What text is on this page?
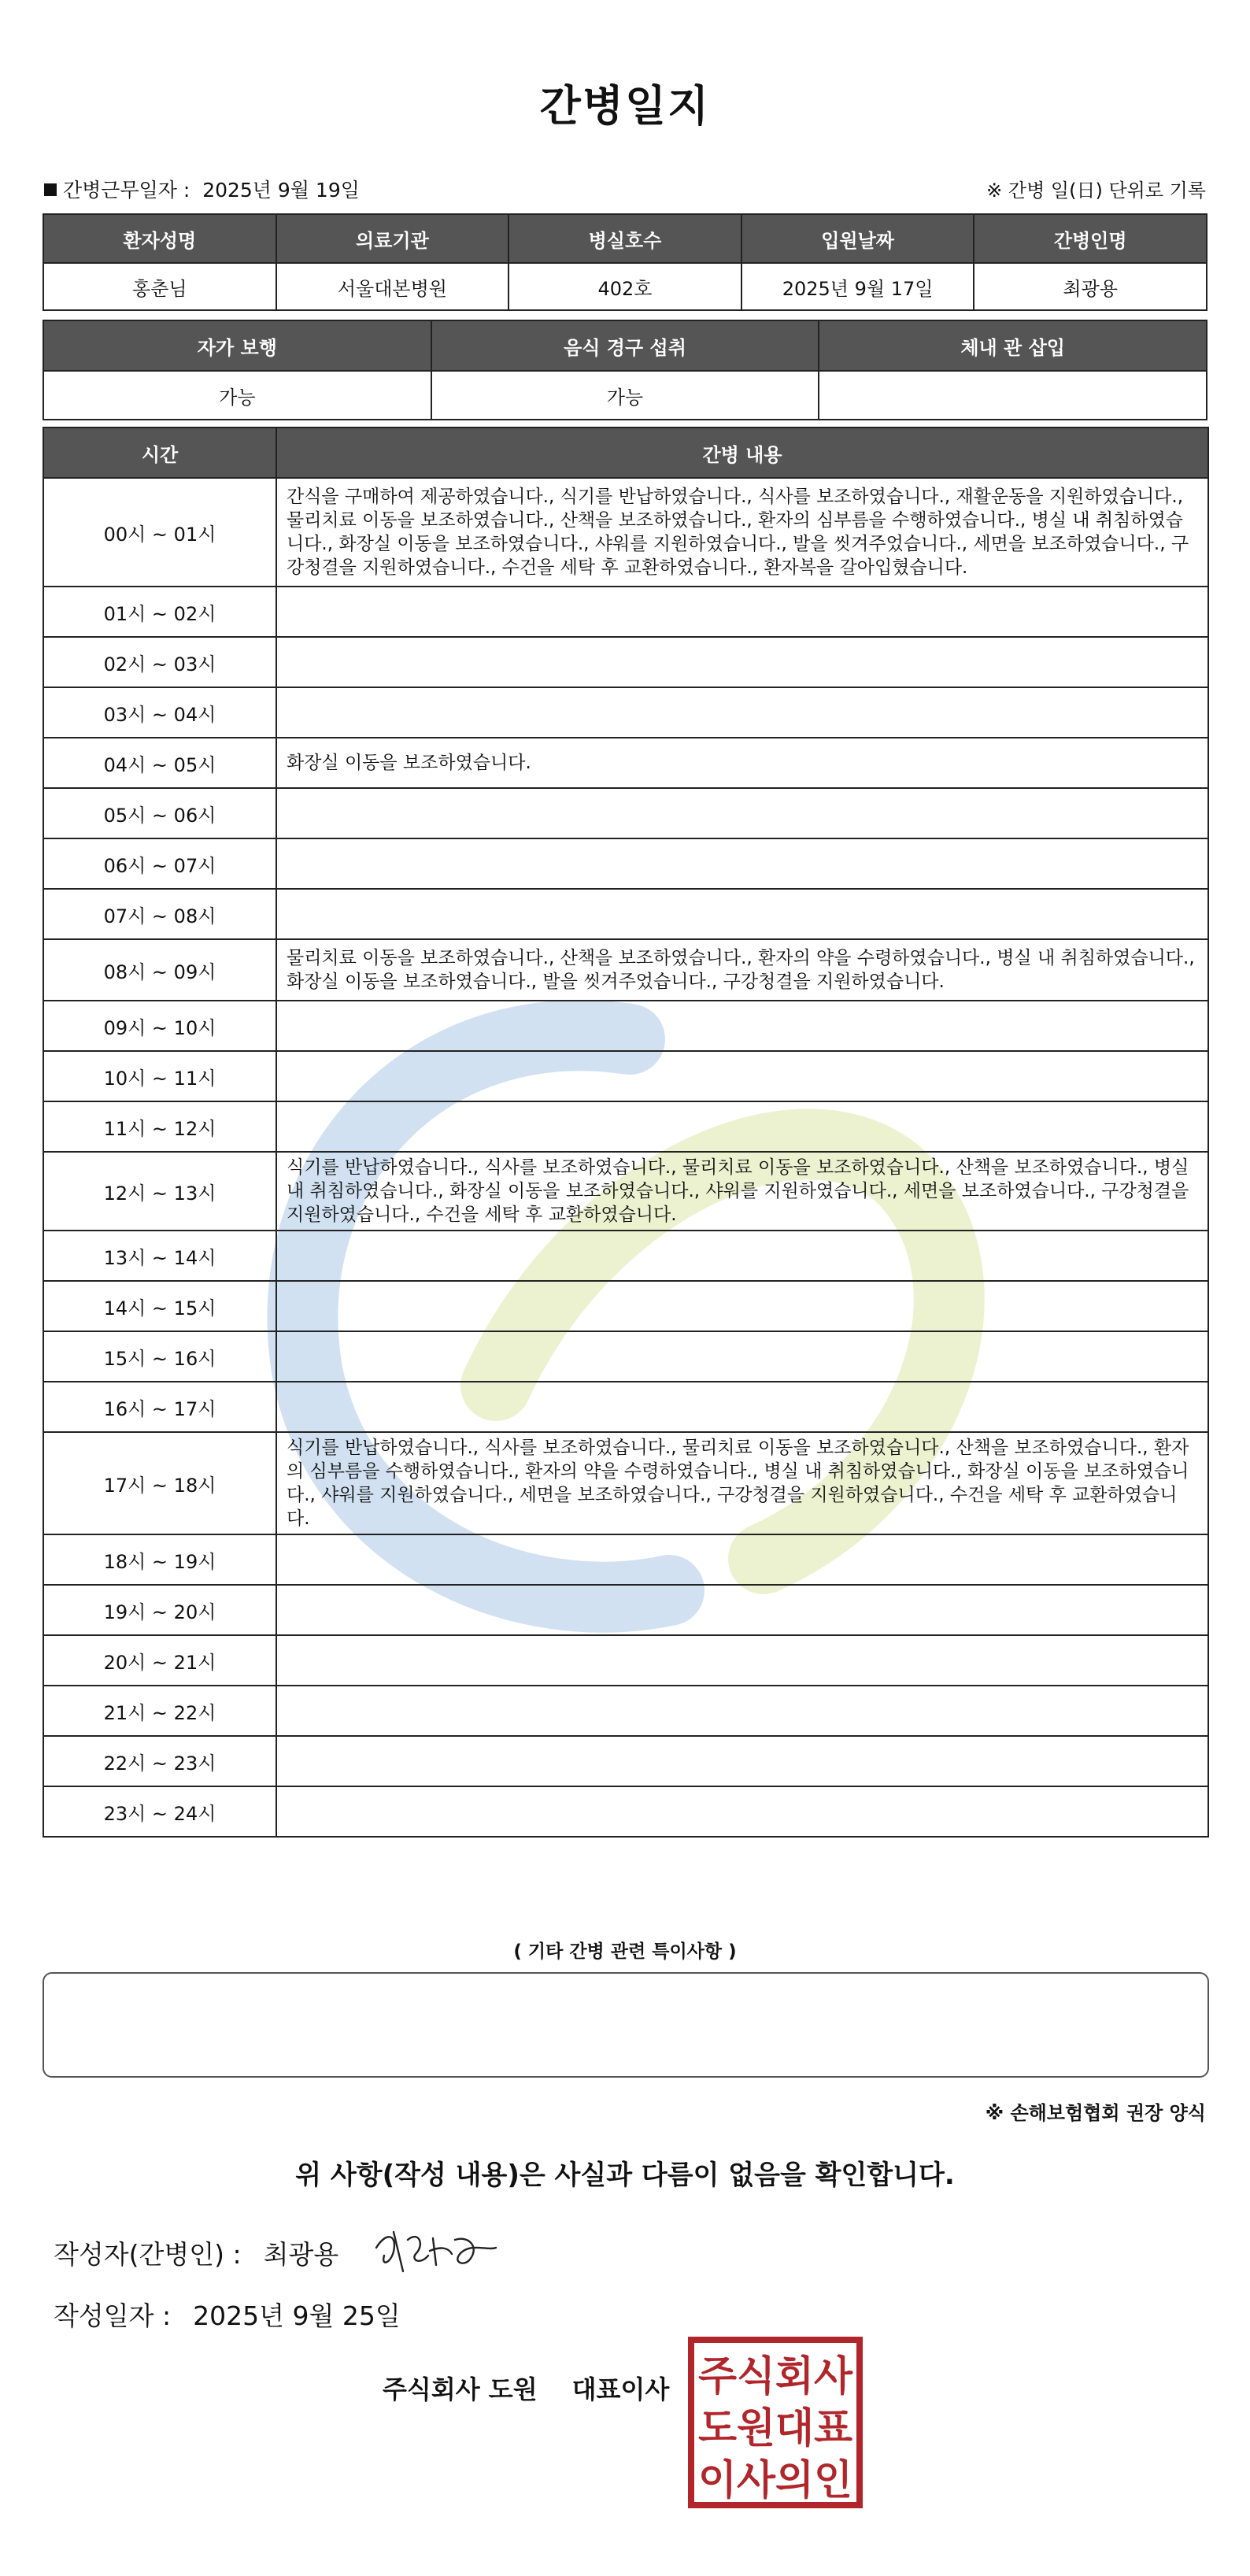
간병일지
간병근무일자 : 2025년 9월 19일	※ 간병 일(日) 단위로 기록
환자성명	의료기관	병실호수	입원날짜	간병인명
홍춘님	서울대본병원	402호	2025년 9월 17일	최광용
자가 보행	음식 경구 섭취	체내 관 삽입
가능	가능	
시간	간병 내용
00시 ~ 01시	간식을 구매하여 제공하였습니다., 식기를 반납하였습니다., 식사를 보조하였습니다., 재활운동을 지원하였습니다., 물리치료 이동을 보조하였습니다., 산책을 보조하였습니다., 환자의 심부름을 수행하였습니다., 병실 내 취침하였습니다., 화장실 이동을 보조하였습니다., 샤워를 지원하였습니다., 발을 씻겨주었습니다., 세면을 보조하였습니다., 구강청결을 지원하였습니다., 수건을 세탁 후 교환하였습니다., 환자복을 갈아입혔습니다.
01시 ~ 02시	
02시 ~ 03시	
03시 ~ 04시	
04시 ~ 05시	화장실 이동을 보조하였습니다.
05시 ~ 06시	
06시 ~ 07시	
07시 ~ 08시	
08시 ~ 09시	물리치료 이동을 보조하였습니다., 산책을 보조하였습니다., 환자의 약을 수령하였습니다., 병실 내 취침하였습니다., 화장실 이동을 보조하였습니다., 발을 씻겨주었습니다., 구강청결을 지원하였습니다.
09시 ~ 10시	
10시 ~ 11시	
11시 ~ 12시	
12시 ~ 13시	식기를 반납하였습니다., 식사를 보조하였습니다., 물리치료 이동을 보조하였습니다., 산책을 보조하였습니다., 병실 내 취침하였습니다., 화장실 이동을 보조하였습니다., 샤워를 지원하였습니다., 세면을 보조하였습니다., 구강청결을 지원하였습니다., 수건을 세탁 후 교환하였습니다.
13시 ~ 14시	
14시 ~ 15시	
15시 ~ 16시	
16시 ~ 17시	
17시 ~ 18시	식기를 반납하였습니다., 식사를 보조하였습니다., 물리치료 이동을 보조하였습니다., 산책을 보조하였습니다., 환자의 심부름을 수행하였습니다., 환자의 약을 수령하였습니다., 병실 내 취침하였습니다., 화장실 이동을 보조하였습니다., 샤워를 지원하였습니다., 세면을 보조하였습니다., 구강청결을 지원하였습니다., 수건을 세탁 후 교환하였습니다.
18시 ~ 19시	
19시 ~ 20시	
20시 ~ 21시	
21시 ~ 22시	
22시 ~ 23시	
23시 ~ 24시	
( 기타 간병 관련 특이사항 )
※ 손해보험협회 권장 양식
위 사항(작성 내용)은 사실과 다름이 없음을 확인합니다.
작성자(간병인) : 최광용
작성일자 : 2025년 9월 25일
주식회사 도원 대표이사 주식회사
도원대표
이사의인
